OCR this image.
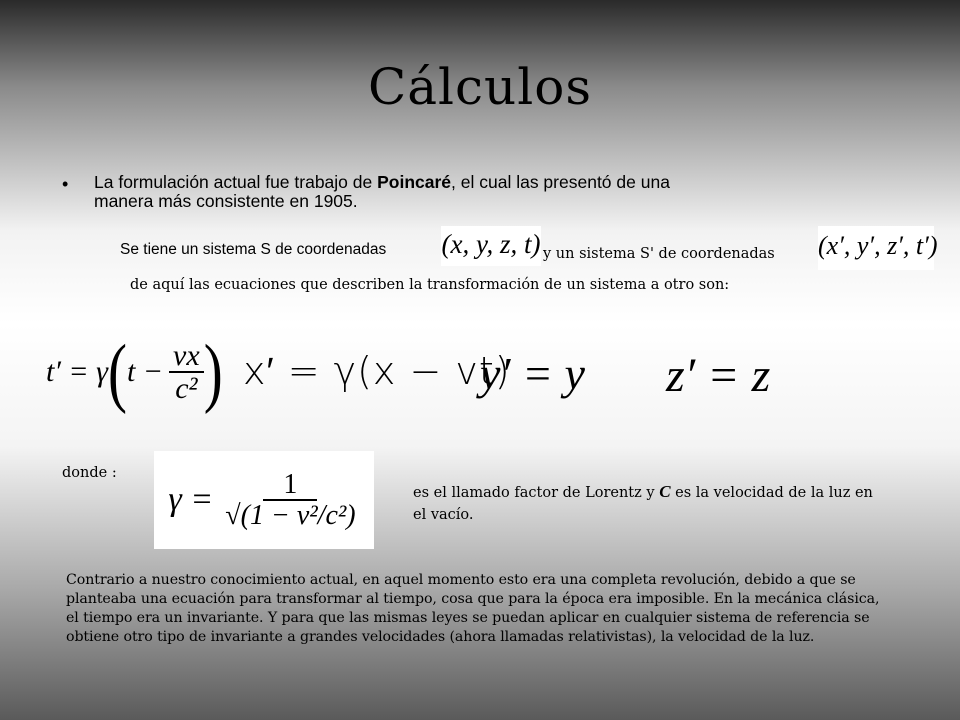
Cálculos
• La formulación actual fue trabajo de Poincaré, el cual las presentó de una manera más consistente en 1905.
Se tiene un sistema S de coordenadas (x, y, z, t) y un sistema S' de coordenadas (x′, y′, z′, t′)
de aquí las ecuaciones que describen la transformación de un sistema a otro son:
t′ = γ ( $t - \frac{vx}{\text{c²}}$ ) x′ = γ(x − vt)
y′ = y z′ = z
donde :
$\gamma = \frac{1}{\text{√(1 − v²/c²)}}$	es el llamado factor de Lorentz y C es la velocidad de la luz en el vacío.
Contrario a nuestro conocimiento actual, en aquel momento esto era una completa revolución, debido a que se planteaba una ecuación para transformar al tiempo, cosa que para la época era imposible. En la mecánica clásica, el tiempo era un invariante. Y para que las mismas leyes se puedan aplicar en cualquier sistema de referencia se obtiene otro tipo de invariante a grandes velocidades (ahora llamadas relativistas), la velocidad de la luz.
